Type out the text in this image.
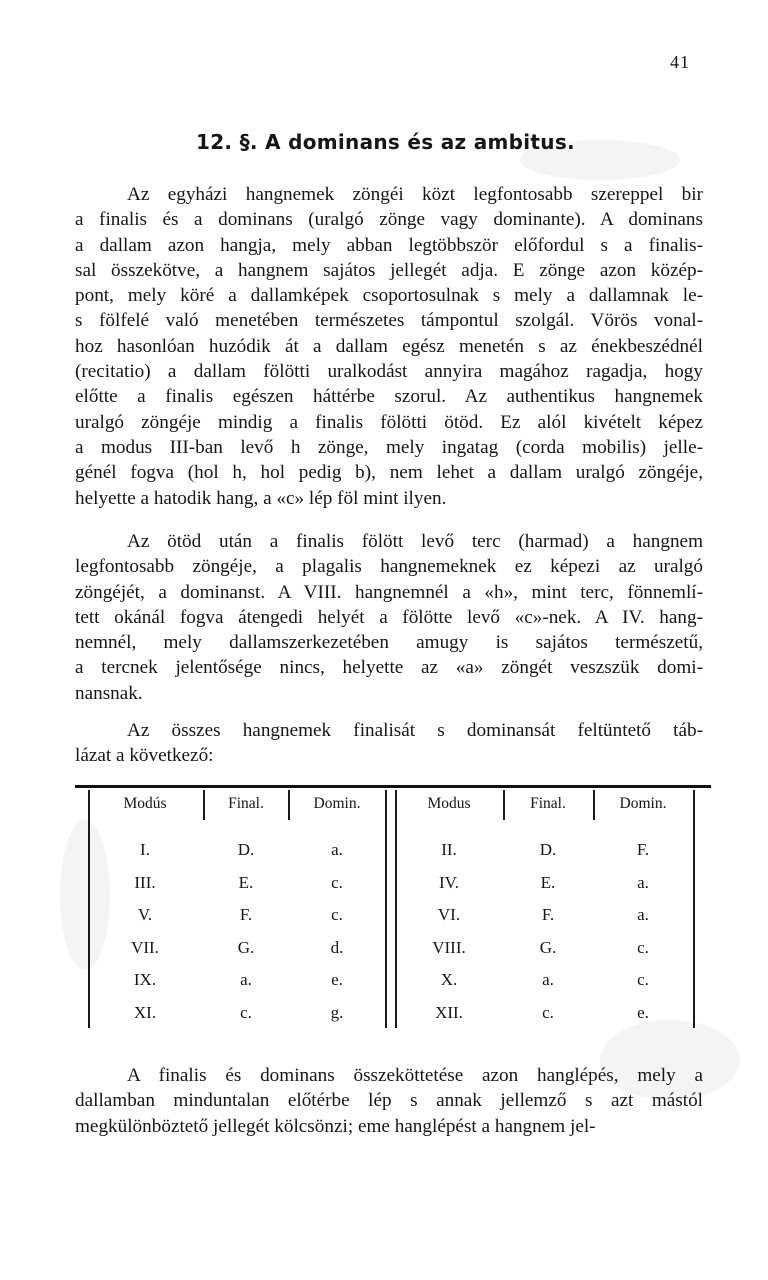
41
12. §. A dominans és az ambitus.
Az egyházi hangnemek zöngéi közt legfontosabb szereppel bir
a finalis és a dominans (uralgó zönge vagy dominante). A dominans
a dallam azon hangja, mely abban legtöbbször előfordul s a finalis-
sal összekötve, a hangnem sajátos jellegét adja. E zönge azon közép-
pont, mely köré a dallamképek csoportosulnak s mely a dallamnak le-
s fölfelé való menetében természetes támpontul szolgál. Vörös vonal-
hoz hasonlóan huzódik át a dallam egész menetén s az énekbeszédnél
(recitatio) a dallam fölötti uralkodást annyira magához ragadja, hogy
előtte a finalis egészen háttérbe szorul. Az authentikus hangnemek
uralgó zöngéje mindig a finalis fölötti ötöd. Ez alól kivételt képez
a modus III-ban levő h zönge, mely ingatag (corda mobilis) jelle-
génél fogva (hol h, hol pedig b), nem lehet a dallam uralgó zöngéje,
helyette a hatodik hang, a «c» lép föl mint ilyen.
Az ötöd után a finalis fölött levő terc (harmad) a hangnem
legfontosabb zöngéje, a plagalis hangnemeknek ez képezi az uralgó
zöngéjét, a dominanst. A VIII. hangnemnél a «h», mint terc, fönnemlí-
tett okánál fogva átengedi helyét a fölötte levő «c»-nek. A IV. hang-
nemnél, mely dallamszerkezetében amugy is sajátos természetű,
a tercnek jelentősége nincs, helyette az «a» zöngét veszszük domi-
nansnak.
Az összes hangnemek finalisát s dominansát feltüntető táb-
lázat a következő:
Modús	Final.	Domin.	Modus	Final.	Domin.
I.	D.	a.	II.	D.	F.
III.	E.	c.	IV.	E.	a.
V.	F.	c.	VI.	F.	a.
VII.	G.	d.	VIII.	G.	c.
IX.	a.	e.	X.	a.	c.
XI.	c.	g.	XII.	c.	e.
A finalis és dominans összeköttetése azon hanglépés, mely a
dallamban minduntalan előtérbe lép s annak jellemző s azt mástól
megkülönböztető jellegét kölcsönzi; eme hanglépést a hangnem jel-
